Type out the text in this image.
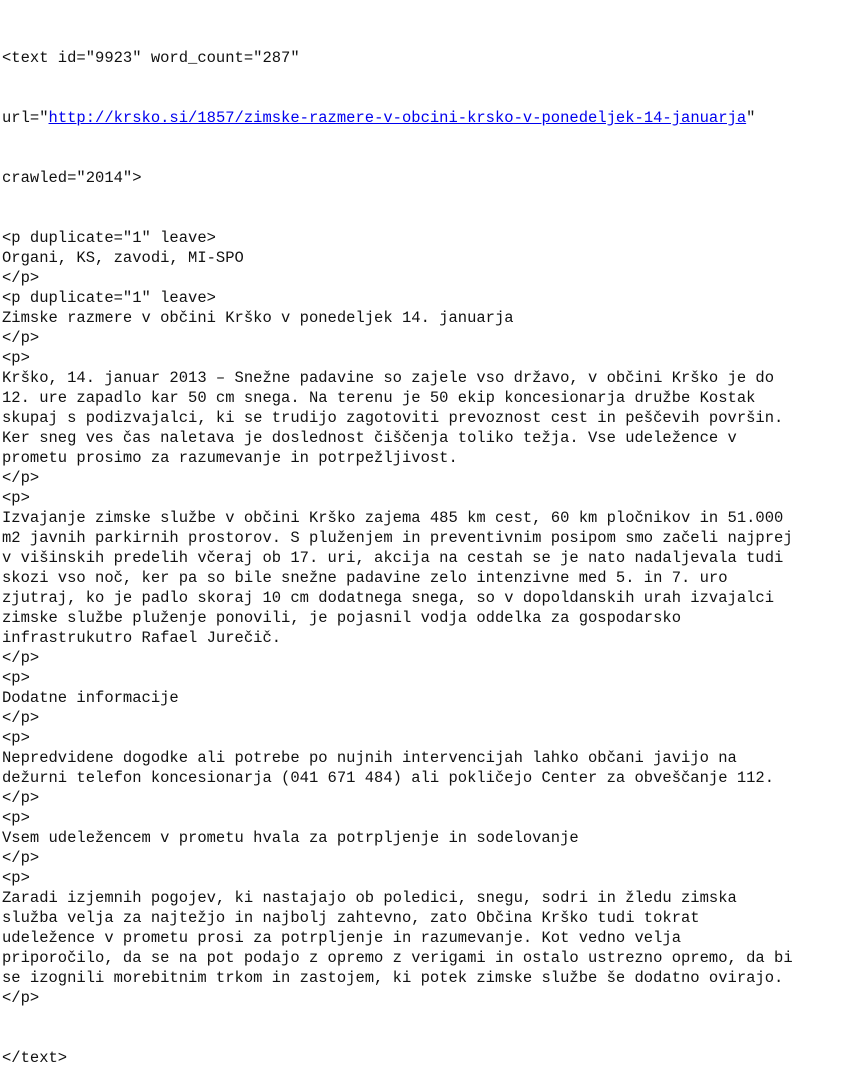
<text id="9923" word_count="287"

url="http://krsko.si/1857/zimske-razmere-v-obcini-krsko-v-ponedeljek-14-januarja"

crawled="2014">

<p duplicate="1" leave>
Organi, KS, zavodi, MI-SPO
</p>
<p duplicate="1" leave>
Zimske razmere v občini Krško v ponedeljek 14. januarja
</p>
<p>
Krško, 14. januar 2013 – Snežne padavine so zajele vso državo, v občini Krško je do
12. ure zapadlo kar 50 cm snega. Na terenu je 50 ekip koncesionarja družbe Kostak
skupaj s podizvajalci, ki se trudijo zagotoviti prevoznost cest in peščevih površin.
Ker sneg ves čas naletava je doslednost čiščenja toliko težja. Vse udeležence v
prometu prosimo za razumevanje in potrpežljivost.
</p>
<p>
Izvajanje zimske službe v občini Krško zajema 485 km cest, 60 km pločnikov in 51.000
m2 javnih parkirnih prostorov. S pluženjem in preventivnim posipom smo začeli najprej
v višinskih predelih včeraj ob 17. uri, akcija na cestah se je nato nadaljevala tudi
skozi vso noč, ker pa so bile snežne padavine zelo intenzivne med 5. in 7. uro
zjutraj, ko je padlo skoraj 10 cm dodatnega snega, so v dopoldanskih urah izvajalci
zimske službe pluženje ponovili, je pojasnil vodja oddelka za gospodarsko
infrastrukutro Rafael Jurečič.
</p>
<p>
Dodatne informacije
</p>
<p>
Nepredvidene dogodke ali potrebe po nujnih intervencijah lahko občani javijo na
dežurni telefon koncesionarja (041 671 484) ali pokličejo Center za obveščanje 112.
</p>
<p>
Vsem udeležencem v prometu hvala za potrpljenje in sodelovanje
</p>
<p>
Zaradi izjemnih pogojev, ki nastajajo ob poledici, snegu, sodri in žledu zimska
služba velja za najtežjo in najbolj zahtevno, zato Občina Krško tudi tokrat
udeležence v prometu prosi za potrpljenje in razumevanje. Kot vedno velja
priporočilo, da se na pot podajo z opremo z verigami in ostalo ustrezno opremo, da bi
se izognili morebitnim trkom in zastojem, ki potek zimske službe še dodatno ovirajo.
</p>

</text>
